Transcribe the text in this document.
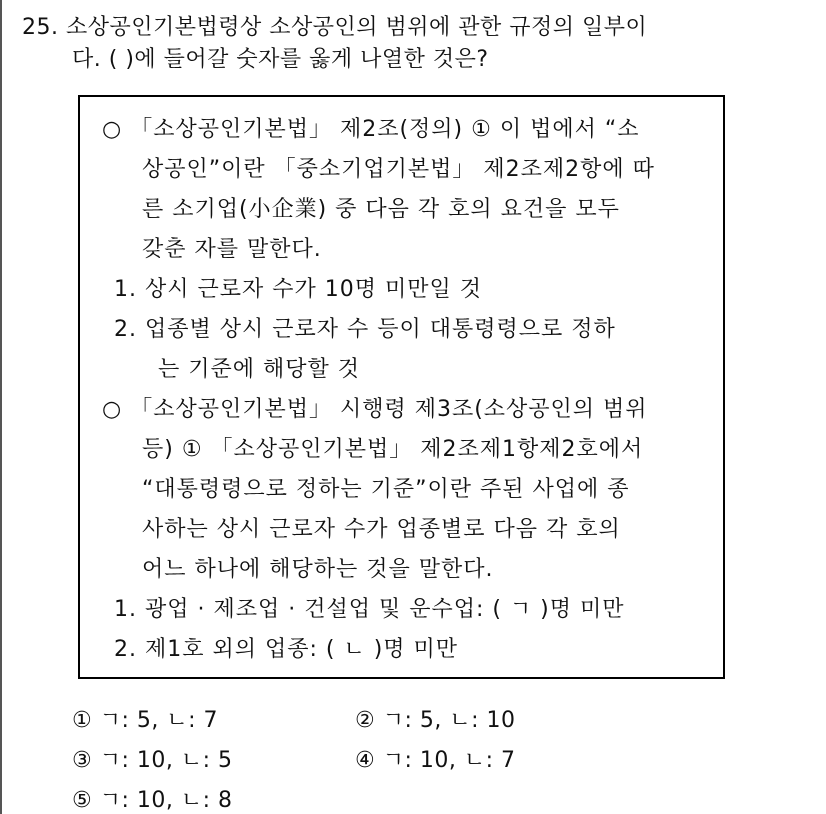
25. 소상공인기본법령상 소상공인의 범위에 관한 규정의 일부이
다. ( )에 들어갈 숫자를 옳게 나열한 것은?
○ 「소상공인기본법」 제2조(정의) ① 이 법에서 “소
상공인”이란 「중소기업기본법」 제2조제2항에 따
른 소기업(小企業) 중 다음 각 호의 요건을 모두
갖춘 자를 말한다.
1. 상시 근로자 수가 10명 미만일 것
2. 업종별 상시 근로자 수 등이 대통령령으로 정하
는 기준에 해당할 것
○ 「소상공인기본법」 시행령 제3조(소상공인의 범위
등) ① 「소상공인기본법」 제2조제1항제2호에서
“대통령령으로 정하는 기준”이란 주된 사업에 종
사하는 상시 근로자 수가 업종별로 다음 각 호의
어느 하나에 해당하는 것을 말한다.
1. 광업 · 제조업 · 건설업 및 운수업: ( ㄱ )명 미만
2. 제1호 외의 업종: ( ㄴ )명 미만
① ㄱ: 5, ㄴ: 7	② ㄱ: 5, ㄴ: 10
③ ㄱ: 10, ㄴ: 5	④ ㄱ: 10, ㄴ: 7
⑤ ㄱ: 10, ㄴ: 8
